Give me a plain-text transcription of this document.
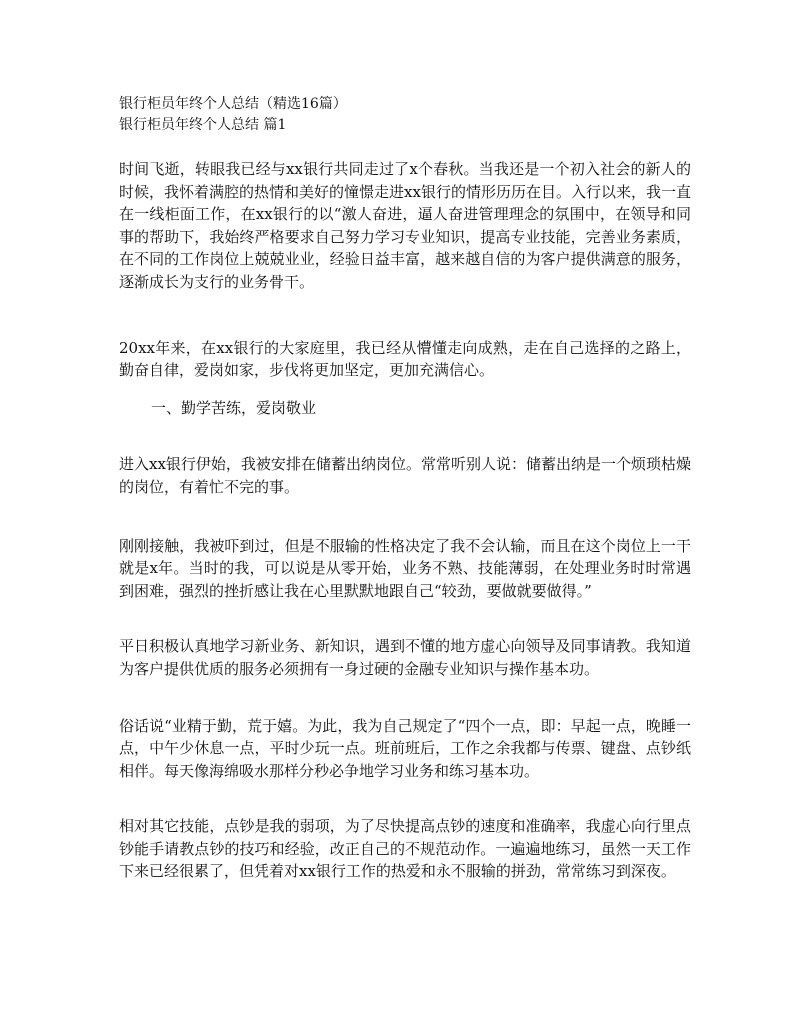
银行柜员年终个人总结（精选16篇）

银行柜员年终个人总结 篇1

时间飞逝，转眼我已经与xx银行共同走过了x个春秋。当我还是一个初入社会的新人的时候，我怀着满腔的热情和美好的憧憬走进xx银行的情形历历在目。入行以来，我一直在一线柜面工作，在xx银行的以“激人奋进，逼人奋进管理理念的氛围中，在领导和同事的帮助下，我始终严格要求自己努力学习专业知识，提高专业技能，完善业务素质，在不同的工作岗位上兢兢业业，经验日益丰富，越来越自信的为客户提供满意的服务，逐渐成长为支行的业务骨干。

20xx年来，在xx银行的大家庭里，我已经从懵懂走向成熟，走在自己选择的之路上，勤奋自律，爱岗如家，步伐将更加坚定，更加充满信心。

一、勤学苦练，爱岗敬业

进入xx银行伊始，我被安排在储蓄出纳岗位。常常听别人说：储蓄出纳是一个烦琐枯燥的岗位，有着忙不完的事。

刚刚接触，我被吓到过，但是不服输的性格决定了我不会认输，而且在这个岗位上一干就是x年。当时的我，可以说是从零开始，业务不熟、技能薄弱，在处理业务时时常遇到困难，强烈的挫折感让我在心里默默地跟自己“较劲，要做就要做得。”

平日积极认真地学习新业务、新知识，遇到不懂的地方虚心向领导及同事请教。我知道为客户提供优质的服务必须拥有一身过硬的金融专业知识与操作基本功。

俗话说“业精于勤，荒于嬉。为此，我为自己规定了“四个一点，即：早起一点，晚睡一点，中午少休息一点，平时少玩一点。班前班后，工作之余我都与传票、键盘、点钞纸相伴。每天像海绵吸水那样分秒必争地学习业务和练习基本功。

相对其它技能，点钞是我的弱项，为了尽快提高点钞的速度和准确率，我虚心向行里点钞能手请教点钞的技巧和经验，改正自己的不规范动作。一遍遍地练习，虽然一天工作下来已经很累了，但凭着对xx银行工作的热爱和永不服输的拼劲，常常练习到深夜。
